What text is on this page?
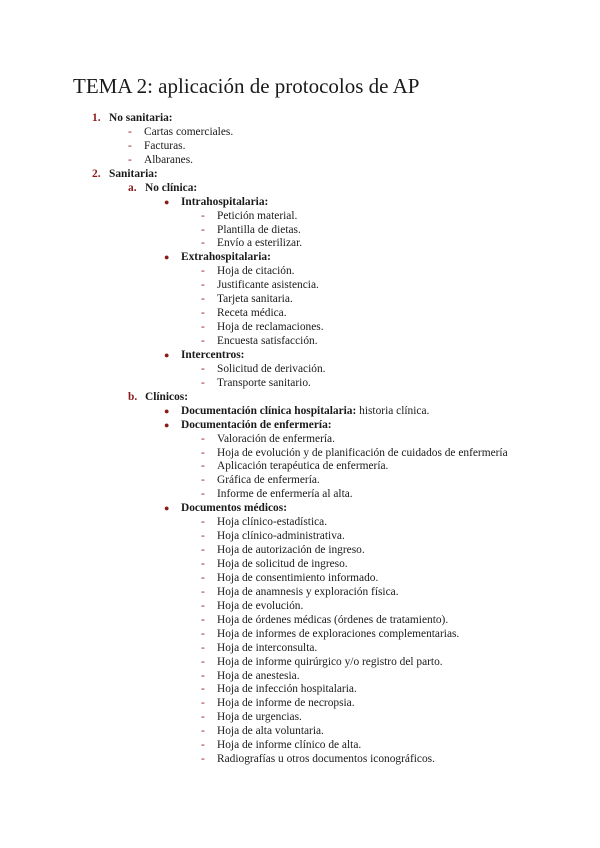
TEMA 2: aplicación de protocolos de AP
1. No sanitaria:
- Cartas comerciales.
- Facturas.
- Albaranes.
2. Sanitaria:
a. No clínica:
● Intrahospitalaria:
- Petición material.
- Plantilla de dietas.
- Envío a esterilizar.
● Extrahospitalaria:
- Hoja de citación.
- Justificante asistencia.
- Tarjeta sanitaria.
- Receta médica.
- Hoja de reclamaciones.
- Encuesta satisfacción.
● Intercentros:
- Solicitud de derivación.
- Transporte sanitario.
b. Clínicos:
● Documentación clínica hospitalaria: historia clínica.
● Documentación de enfermería:
- Valoración de enfermería.
- Hoja de evolución y de planificación de cuidados de enfermería
- Aplicación terapéutica de enfermería.
- Gráfica de enfermería.
- Informe de enfermería al alta.
● Documentos médicos:
- Hoja clínico-estadística.
- Hoja clínico-administrativa.
- Hoja de autorización de ingreso.
- Hoja de solicitud de ingreso.
- Hoja de consentimiento informado.
- Hoja de anamnesis y exploración física.
- Hoja de evolución.
- Hoja de órdenes médicas (órdenes de tratamiento).
- Hoja de informes de exploraciones complementarias.
- Hoja de interconsulta.
- Hoja de informe quirúrgico y/o registro del parto.
- Hoja de anestesia.
- Hoja de infección hospitalaria.
- Hoja de informe de necropsia.
- Hoja de urgencias.
- Hoja de alta voluntaria.
- Hoja de informe clínico de alta.
- Radiografías u otros documentos iconográficos.
